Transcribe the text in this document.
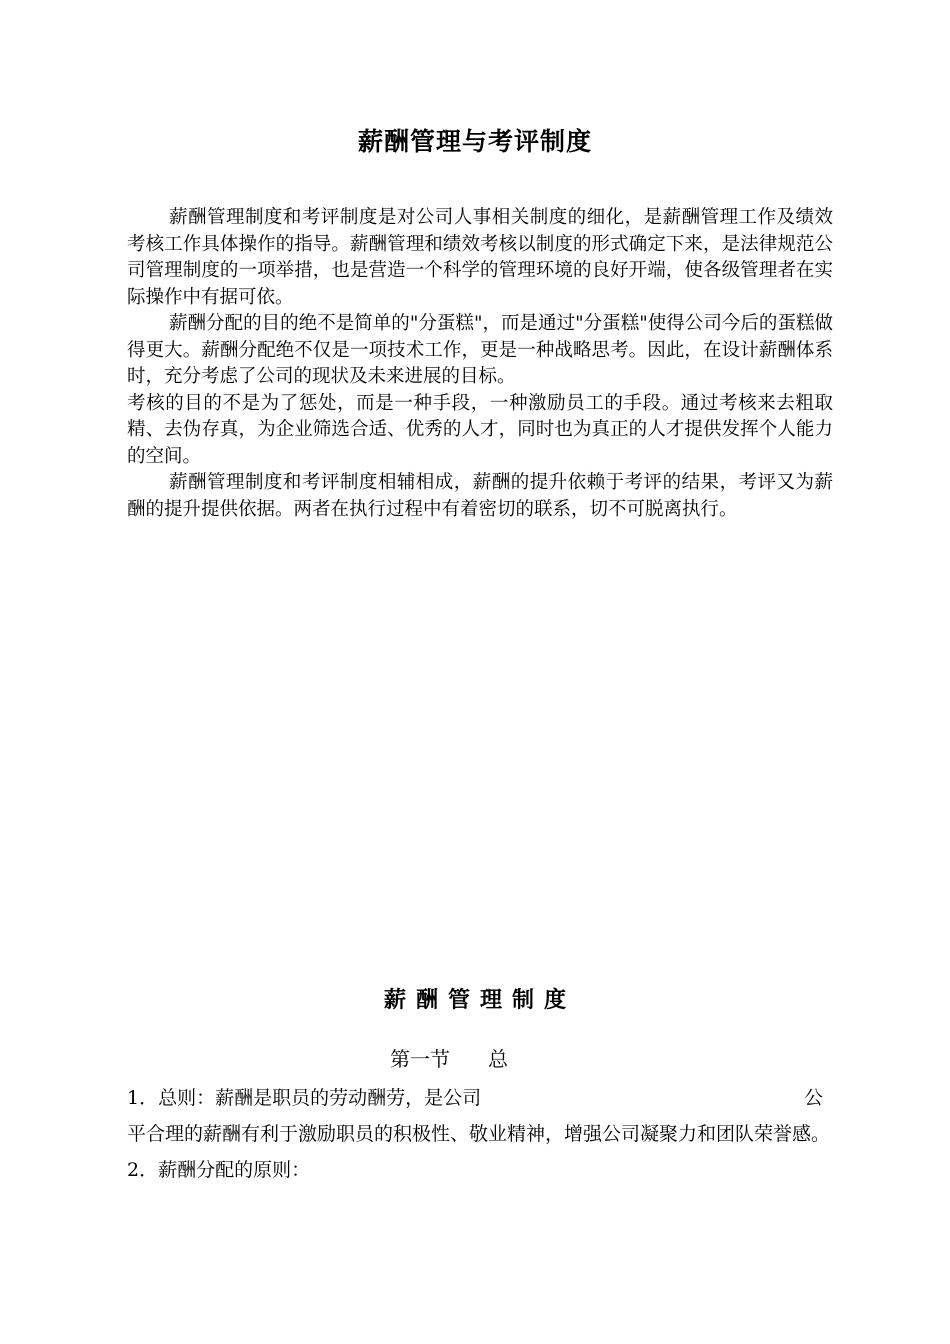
薪酬管理与考评制度

薪酬管理制度和考评制度是对公司人事相关制度的细化，是薪酬管理工作及绩效考核工作具体操作的指导。薪酬管理和绩效考核以制度的形式确定下来，是法律规范公司管理制度的一项举措，也是营造一个科学的管理环境的良好开端，使各级管理者在实际操作中有据可依。

薪酬分配的目的绝不是简单的"分蛋糕"，而是通过"分蛋糕"使得公司今后的蛋糕做得更大。薪酬分配绝不仅是一项技术工作，更是一种战略思考。因此，在设计薪酬体系时，充分考虑了公司的现状及未来进展的目标。

考核的目的不是为了惩处，而是一种手段，一种激励员工的手段。通过考核来去粗取精、去伪存真，为企业筛选合适、优秀的人才，同时也为真正的人才提供发挥个人能力的空间。

薪酬管理制度和考评制度相辅相成，薪酬的提升依赖于考评的结果，考评又为薪酬的提升提供依据。两者在执行过程中有着密切的联系，切不可脱离执行。

薪酬管理制度
第一节 总

1．总则：薪酬是职员的劳动酬劳，是公司	公

平合理的薪酬有利于激励职员的积极性、敬业精神，增强公司凝聚力和团队荣誉感。

2．薪酬分配的原则：
